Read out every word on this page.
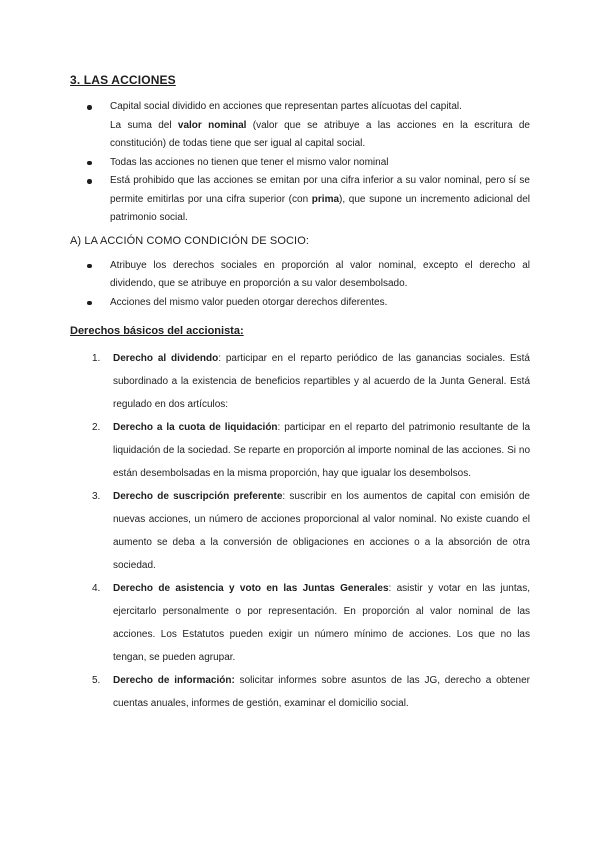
3. LAS ACCIONES
Capital social dividido en acciones que representan partes alícuotas del capital.
La suma del valor nominal (valor que se atribuye a las acciones en la escritura de constitución) de todas tiene que ser igual al capital social.
Todas las acciones no tienen que tener el mismo valor nominal
Está prohibido que las acciones se emitan por una cifra inferior a su valor nominal, pero sí se permite emitirlas por una cifra superior (con prima), que supone un incremento adicional del patrimonio social.
A) LA ACCIÓN COMO CONDICIÓN DE SOCIO:
Atribuye los derechos sociales en proporción al valor nominal, excepto el derecho al dividendo, que se atribuye en proporción a su valor desembolsado.
Acciones del mismo valor pueden otorgar derechos diferentes.
Derechos básicos del accionista:
1. Derecho al dividendo: participar en el reparto periódico de las ganancias sociales. Está subordinado a la existencia de beneficios repartibles y al acuerdo de la Junta General. Está regulado en dos artículos:
2. Derecho a la cuota de liquidación: participar en el reparto del patrimonio resultante de la liquidación de la sociedad. Se reparte en proporción al importe nominal de las acciones. Si no están desembolsadas en la misma proporción, hay que igualar los desembolsos.
3. Derecho de suscripción preferente: suscribir en los aumentos de capital con emisión de nuevas acciones, un número de acciones proporcional al valor nominal. No existe cuando el aumento se deba a la conversión de obligaciones en acciones o a la absorción de otra sociedad.
4. Derecho de asistencia y voto en las Juntas Generales: asistir y votar en las juntas, ejercitarlo personalmente o por representación. En proporción al valor nominal de las acciones. Los Estatutos pueden exigir un número mínimo de acciones. Los que no las tengan, se pueden agrupar.
5. Derecho de información: solicitar informes sobre asuntos de las JG, derecho a obtener cuentas anuales, informes de gestión, examinar el domicilio social.
